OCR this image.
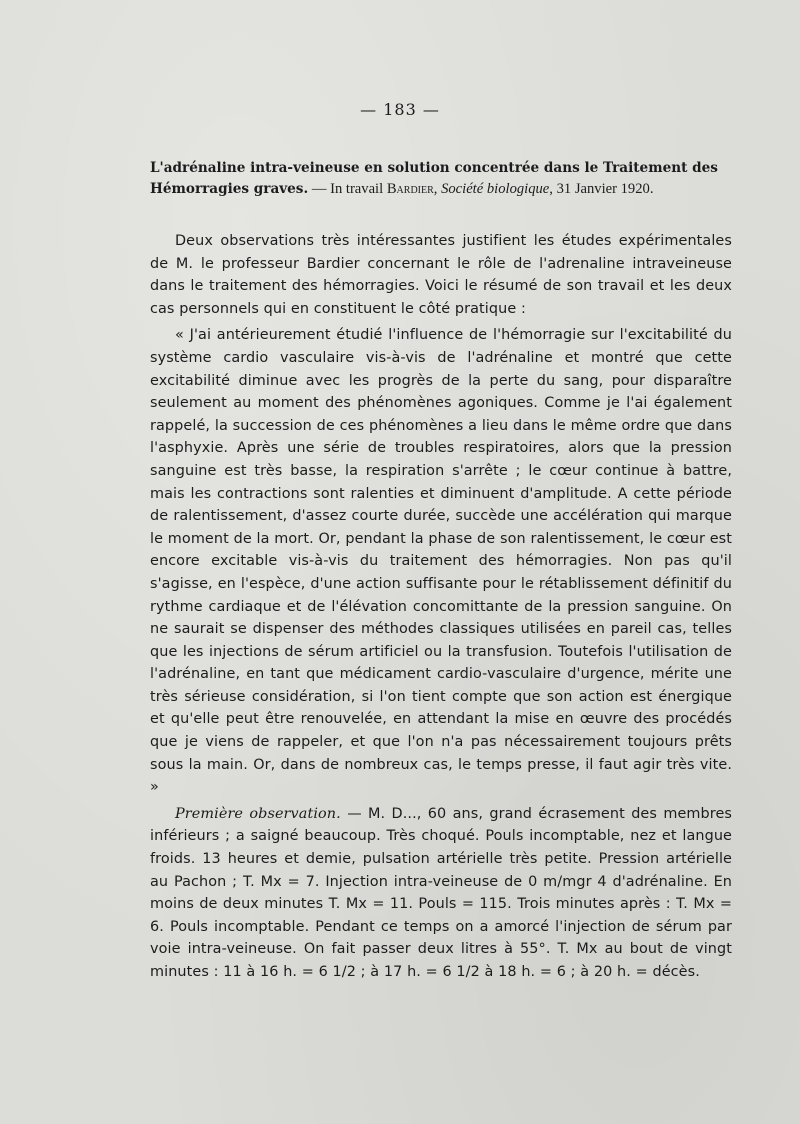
— 183 —
L'adrénaline intra-veineuse en solution concentrée dans le Traitement des Hémorragies graves. — In travail Bardier, Société biologique, 31 Janvier 1920.

Deux observations très intéressantes justifient les études expérimentales de M. le professeur Bardier concernant le rôle de l'adrenaline intraveineuse dans le traitement des hémorragies. Voici le résumé de son travail et les deux cas personnels qui en constituent le côté pratique :

« J'ai antérieurement étudié l'influence de l'hémorragie sur l'excitabilité du système cardio vasculaire vis-à-vis de l'adrénaline et montré que cette excitabilité diminue avec les progrès de la perte du sang, pour disparaître seulement au moment des phénomènes agoniques. Comme je l'ai également rappelé, la succession de ces phénomènes a lieu dans le même ordre que dans l'asphyxie. Après une série de troubles respiratoires, alors que la pression sanguine est très basse, la respiration s'arrête ; le cœur continue à battre, mais les contractions sont ralenties et diminuent d'amplitude. A cette période de ralentissement, d'assez courte durée, succède une accélération qui marque le moment de la mort. Or, pendant la phase de son ralentissement, le cœur est encore excitable vis-à-vis du traitement des hémorragies. Non pas qu'il s'agisse, en l'espèce, d'une action suffisante pour le rétablissement définitif du rythme cardiaque et de l'élévation concomittante de la pression sanguine. On ne saurait se dispenser des méthodes classiques utilisées en pareil cas, telles que les injections de sérum artificiel ou la transfusion. Toutefois l'utilisation de l'adrénaline, en tant que médicament cardio-vasculaire d'urgence, mérite une très sérieuse considération, si l'on tient compte que son action est énergique et qu'elle peut être renouvelée, en attendant la mise en œuvre des procédés que je viens de rappeler, et que l'on n'a pas nécessairement toujours prêts sous la main. Or, dans de nombreux cas, le temps presse, il faut agir très vite. »

Première observation. — M. D..., 60 ans, grand écrasement des membres inférieurs ; a saigné beaucoup. Très choqué. Pouls incomptable, nez et langue froids. 13 heures et demie, pulsation artérielle très petite. Pression artérielle au Pachon ; T. Mx = 7. Injection intra-veineuse de 0 m/mgr 4 d'adrénaline. En moins de deux minutes T. Mx = 11. Pouls = 115. Trois minutes après : T. Mx = 6. Pouls incomptable. Pendant ce temps on a amorcé l'injection de sérum par voie intra-veineuse. On fait passer deux litres à 55°. T. Mx au bout de vingt minutes : 11 à 16 h. = 6 1/2 ; à 17 h. = 6 1/2 à 18 h. = 6 ; à 20 h. = décès.
